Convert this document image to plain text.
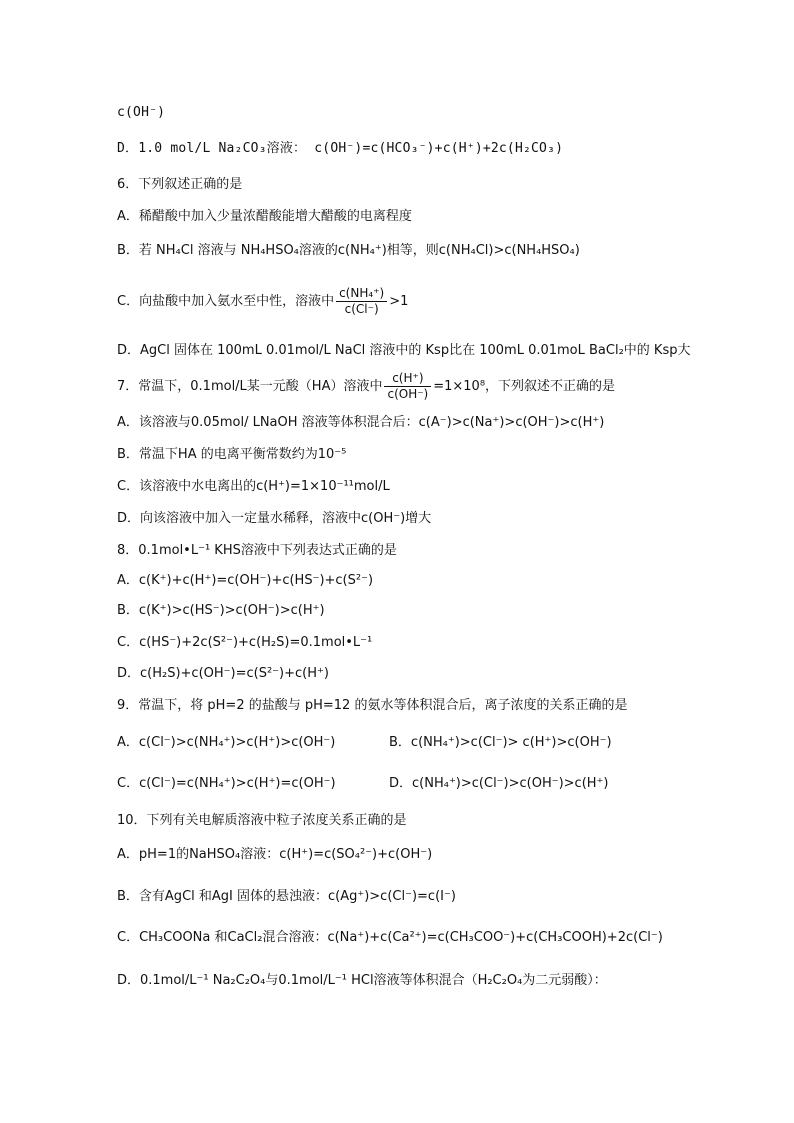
c(OH⁻)
D．1.0 mol/L Na₂CO₃溶液： c(OH⁻)=c(HCO₃⁻)+c(H⁺)+2c(H₂CO₃)
6．下列叙述正确的是
A．稀醋酸中加入少量浓醋酸能增大醋酸的电离程度
B．若 NH₄Cl 溶液与 NH₄HSO₄溶液的c(NH₄⁺)相等，则c(NH₄Cl)>c(NH₄HSO₄)
C．向盐酸中加入氨水至中性，溶液中 $\frac{\text{c(NH₄⁺)}}{c(Cl^-)} >1$
D．AgCl 固体在 100mL 0.01mol/L NaCl 溶液中的 Ksp比在 100mL 0.01moL BaCl₂中的 Ksp大
7．常温下，0.1mol/L某一元酸（HA）溶液中 $\frac{c(H^+)}{c(OH^-)} =1\times 10^8$，下列叙述不正确的是
A．该溶液与0.05mol/ LNaOH 溶液等体积混合后：c(A⁻)>c(Na⁺)>c(OH⁻)>c(H⁺)
B．常温下HA 的电离平衡常数约为10⁻⁵
C．该溶液中水电离出的c(H⁺)=1×10⁻¹¹mol/L
D．向该溶液中加入一定量水稀释，溶液中c(OH⁻)增大
8．0.1mol•L⁻¹ KHS溶液中下列表达式正确的是
A．c(K⁺)+c(H⁺)=c(OH⁻)+c(HS⁻)+c(S²⁻)
B．c(K⁺)>c(HS⁻)>c(OH⁻)>c(H⁺)
C．c(HS⁻)+2c(S²⁻)+c(H₂S)=0.1mol•L⁻¹
D．c(H₂S)+c(OH⁻)=c(S²⁻)+c(H⁺)
9．常温下，将 pH=2 的盐酸与 pH=12 的氨水等体积混合后，离子浓度的关系正确的是
A．c(Cl⁻)>c(NH₄⁺)>c(H⁺)>c(OH⁻)	B．c(NH₄⁺)>c(Cl⁻)> c(H⁺)>c(OH⁻)
C．c(Cl⁻)=c(NH₄⁺)>c(H⁺)=c(OH⁻)	D．c(NH₄⁺)>c(Cl⁻)>c(OH⁻)>c(H⁺)
10．下列有关电解质溶液中粒子浓度关系正确的是
A．pH=1的NaHSO₄溶液：c(H⁺)=c(SO₄²⁻)+c(OH⁻)
B．含有AgCl 和AgI 固体的悬浊液：c(Ag⁺)>c(Cl⁻)=c(I⁻)
C．CH₃COONa 和CaCl₂混合溶液：c(Na⁺)+c(Ca²⁺)=c(CH₃COO⁻)+c(CH₃COOH)+2c(Cl⁻)
D．0.1mol/L⁻¹ Na₂C₂O₄与0.1mol/L⁻¹ HCl溶液等体积混合（H₂C₂O₄为二元弱酸）：
